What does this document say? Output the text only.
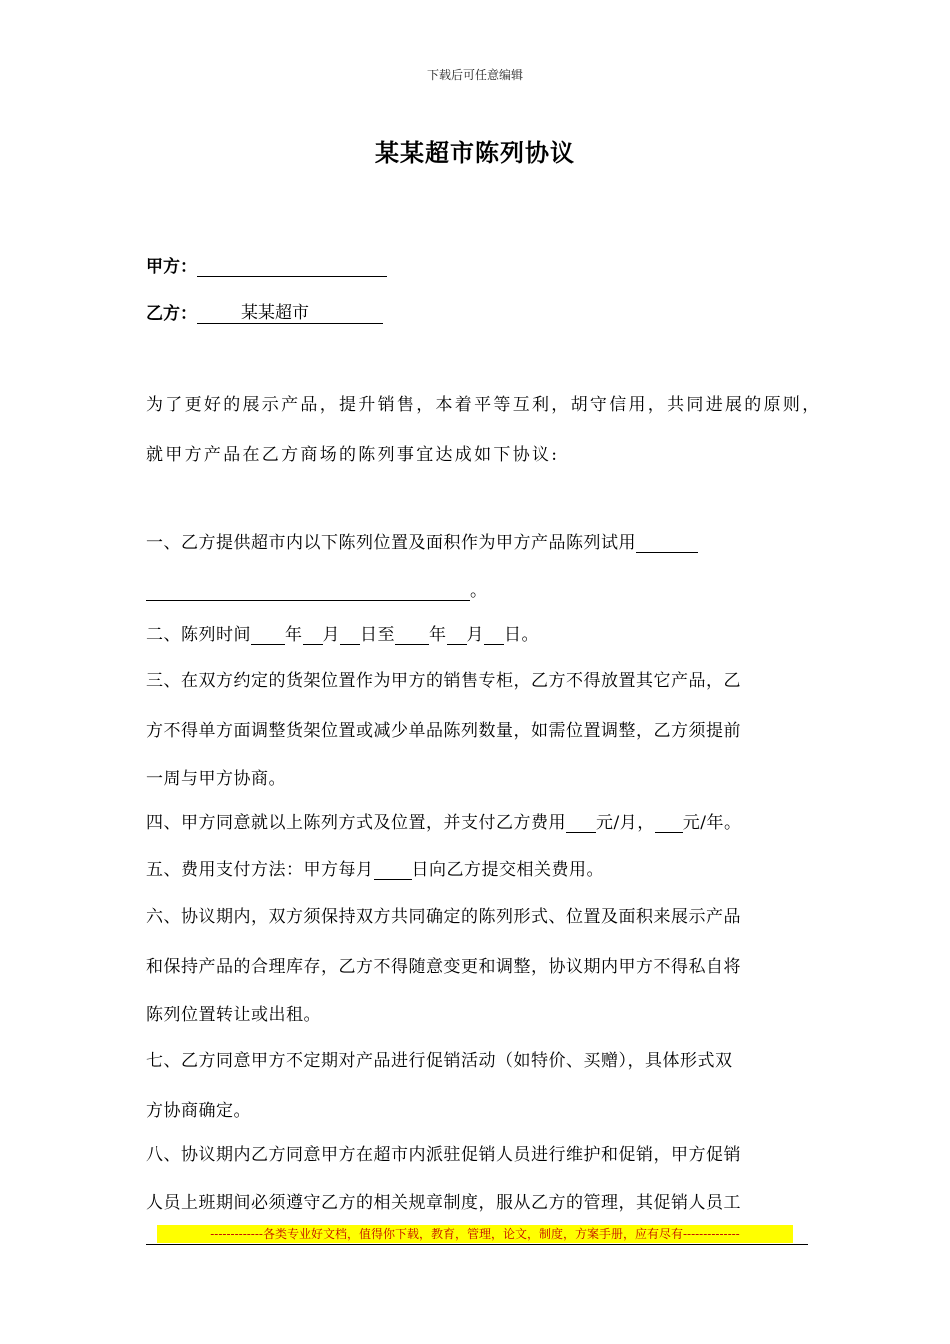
下载后可任意编辑
某某超市陈列协议
甲方：
乙方：	某某超市
为了更好的展示产品，提升销售，本着平等互利，胡守信用，共同进展的原则，
就甲方产品在乙方商场的陈列事宜达成如下协议:
一、乙方提供超市内以下陈列位置及面积作为甲方产品陈列试用
。
二、陈列时间 年 月 日至 年 月 日。
三、在双方约定的货架位置作为甲方的销售专柜，乙方不得放置其它产品，乙
方不得单方面调整货架位置或减少单品陈列数量，如需位置调整，乙方须提前
一周与甲方协商。
四、甲方同意就以上陈列方式及位置，并支付乙方费用 元/月， 元/年。
五、费用支付方法：甲方每月 日向乙方提交相关费用。
六、协议期内，双方须保持双方共同确定的陈列形式、位置及面积来展示产品
和保持产品的合理库存，乙方不得随意变更和调整，协议期内甲方不得私自将
陈列位置转让或出租。
七、乙方同意甲方不定期对产品进行促销活动（如特价、买赠），具体形式双
方协商确定。
八、协议期内乙方同意甲方在超市内派驻促销人员进行维护和促销，甲方促销
人员上班期间必须遵守乙方的相关规章制度，服从乙方的管理，其促销人员工
-------------各类专业好文档，值得你下载，教育，管理，论文，制度，方案手册，应有尽有--------------
